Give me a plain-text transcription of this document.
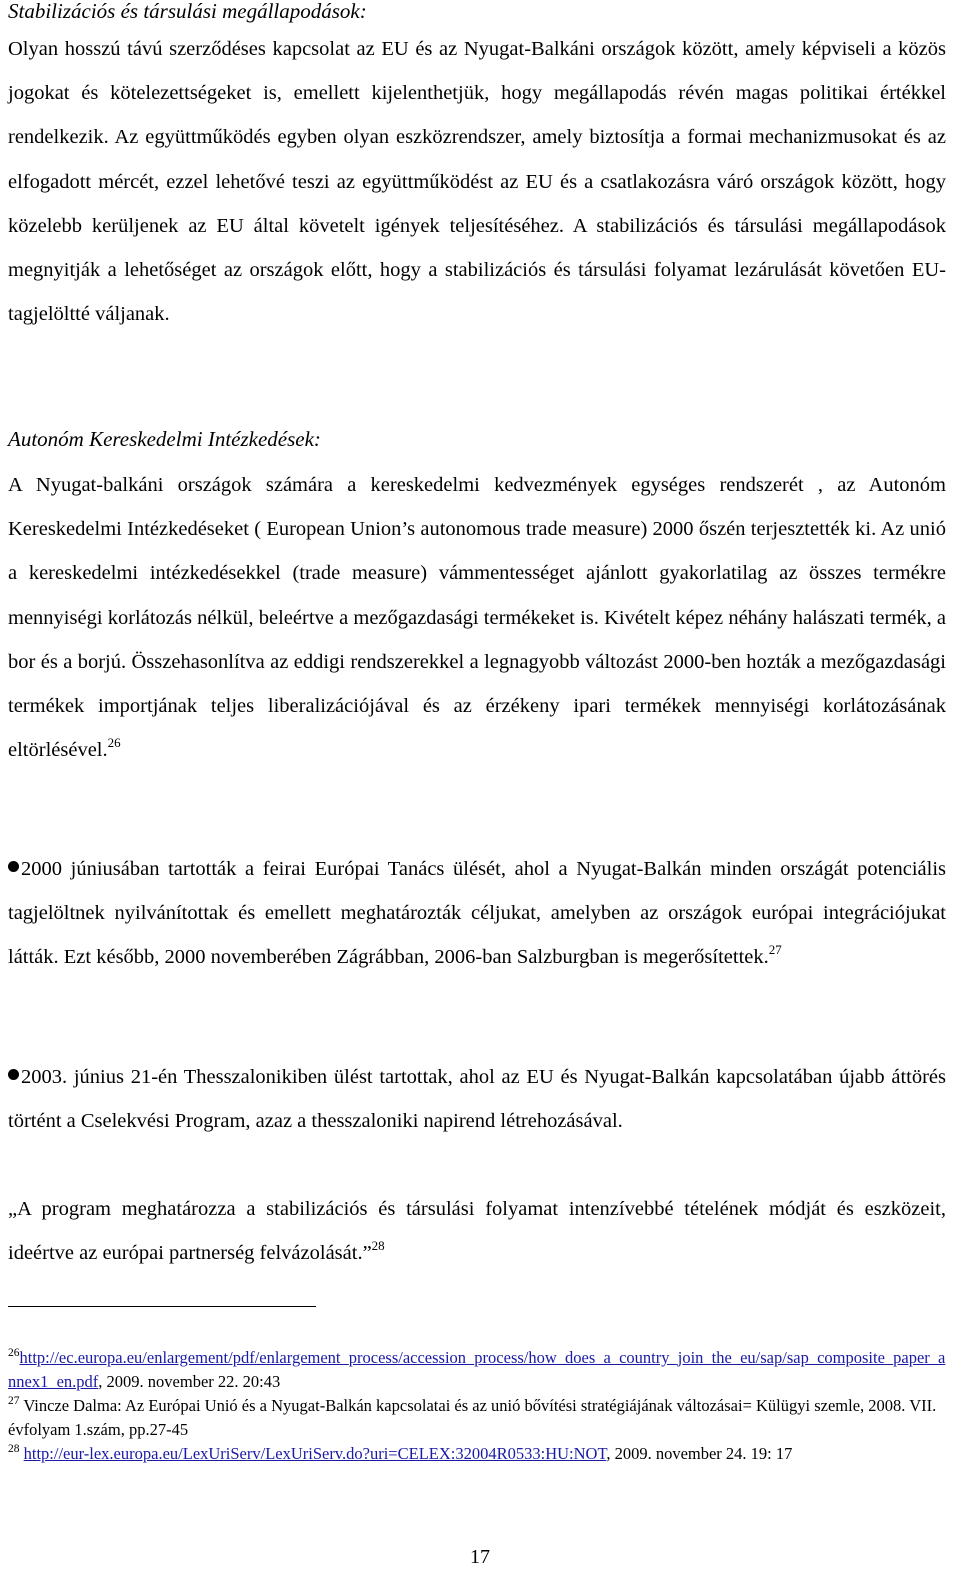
Stabilizációs és társulási megállapodások:

Olyan hosszú távú szerződéses kapcsolat az EU és az Nyugat-Balkáni országok között, amely képviseli a közös jogokat és kötelezettségeket is, emellett kijelenthetjük, hogy megállapodás révén magas politikai értékkel rendelkezik. Az együttműködés egyben olyan eszközrendszer, amely biztosítja a formai mechanizmusokat és az elfogadott mércét, ezzel lehetővé teszi az együttműködést az EU és a csatlakozásra váró országok között, hogy közelebb kerüljenek az EU által követelt igények teljesítéséhez. A stabilizációs és társulási megállapodások megnyitják a lehetőséget az országok előtt, hogy a stabilizációs és társulási folyamat lezárulását követően EU-tagjelöltté váljanak.

Autonóm Kereskedelmi Intézkedések:

A Nyugat-balkáni országok számára a kereskedelmi kedvezmények egységes rendszerét , az Autonóm Kereskedelmi Intézkedéseket ( European Union’s autonomous trade measure) 2000 őszén terjesztették ki. Az unió a kereskedelmi intézkedésekkel (trade measure) vámmentességet ajánlott gyakorlatilag az összes termékre mennyiségi korlátozás nélkül, beleértve a mezőgazdasági termékeket is. Kivételt képez néhány halászati termék, a bor és a borjú. Összehasonlítva az eddigi rendszerekkel a legnagyobb változást 2000-ben hozták a mezőgazdasági termékek importjának teljes liberalizációjával és az érzékeny ipari termékek mennyiségi korlátozásának eltörlésével.$^{26}$

2000 júniusában tartották a feirai Európai Tanács ülését, ahol a Nyugat-Balkán minden országát potenciális tagjelöltnek nyilvánítottak és emellett meghatározták céljukat, amelyben az országok európai integrációjukat látták. Ezt később, 2000 novemberében Zágrábban, 2006-ban Salzburgban is megerősítettek.$^{27}$

2003. június 21-én Thesszalonikiben ülést tartottak, ahol az EU és Nyugat-Balkán kapcsolatában újabb áttörés történt a Cselekvési Program, azaz a thesszaloniki napirend létrehozásával.

„A program meghatározza a stabilizációs és társulási folyamat intenzívebbé tételének módját és eszközeit, ideértve az európai partnerség felvázolását.”$^{28}$

$^{26}$http://ec.europa.eu/enlargement/pdf/enlargement_process/accession_process/how_does_a_country_join_the_eu/sap/sap_composite_paper_annex1_en.pdf, 2009. november 22. 20:43

$^{27}$ Vincze Dalma: Az Európai Unió és a Nyugat-Balkán kapcsolatai és az unió bővítési stratégiájának változásai= Külügyi szemle, 2008. VII. évfolyam 1.szám, pp.27-45

$^{28}$ http://eur-lex.europa.eu/LexUriServ/LexUriServ.do?uri=CELEX:32004R0533:HU:NOT, 2009. november 24. 19: 17

17
